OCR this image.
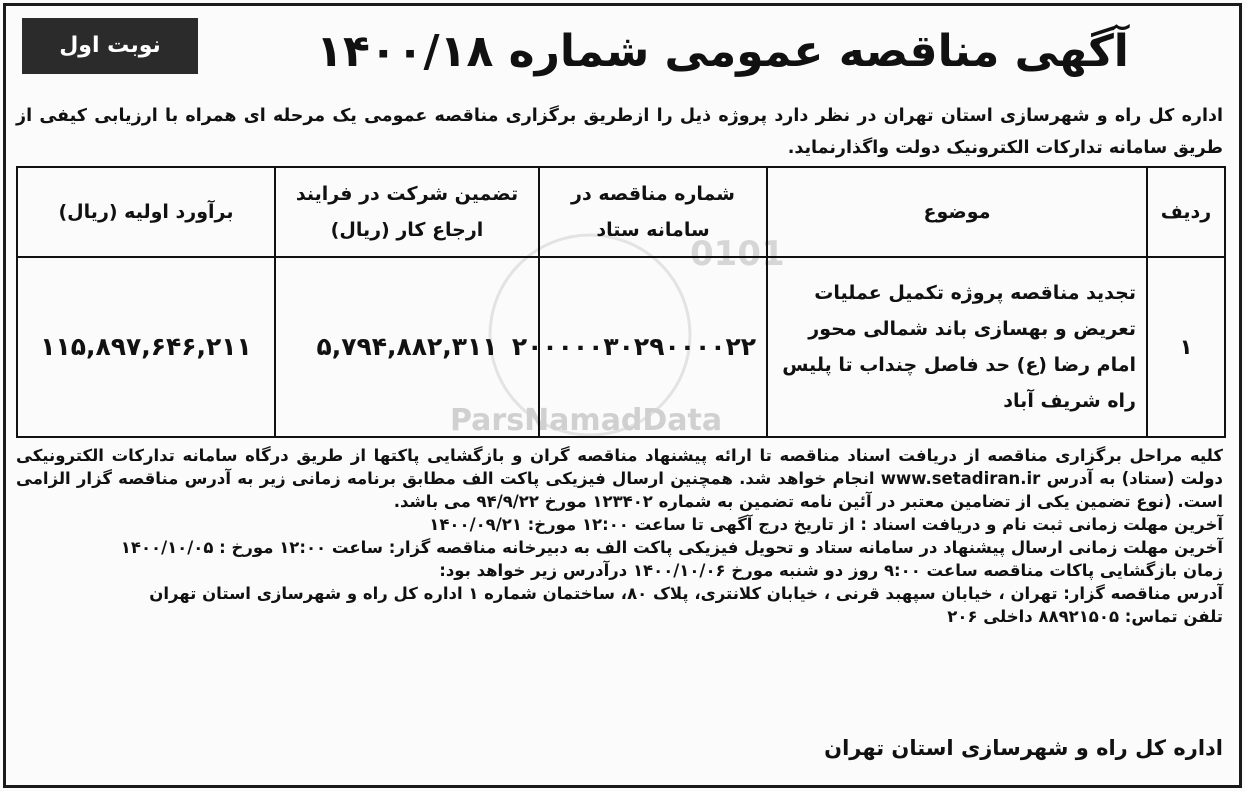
نوبت اول	آگهی مناقصه عمومی شماره ۱۴۰۰/۱۸
اداره کل راه و شهرسازی استان تهران در نظر دارد پروژه ذیل را ازطریق برگزاری مناقصه عمومی یک مرحله ای همراه با ارزیابی کیفی از طریق سامانه تدارکات الکترونیک دولت واگذارنماید.
0101
ParsNamadData
ردیف	موضوع	شماره مناقصه در سامانه ستاد	تضمین شرکت در فرایند ارجاع کار (ریال)	برآورد اولیه (ریال)
۱	تجدید مناقصه پروژه تکمیل عملیات تعریض و بهسازی باند شمالی محور امام رضا (ع) حد فاصل چنداب تا پلیس راه شریف آباد	۲۰۰۰۰۰۳۰۲۹۰۰۰۰۲۲	۵,۷۹۴,۸۸۲,۳۱۱	۱۱۵,۸۹۷,۶۴۶,۲۱۱

کلیه مراحل برگزاری مناقصه از دریافت اسناد مناقصه تا ارائه پیشنهاد مناقصه گران و بازگشایی پاکتها از طریق درگاه سامانه تدارکات الکترونیکی دولت (ستاد) به آدرس www.setadiran.ir انجام خواهد شد. همچنین ارسال فیزیکی پاکت الف مطابق برنامه زمانی زیر به آدرس مناقصه گزار الزامی است. (نوع تضمین یکی از تضامین معتبر در آئین نامه تضمین به شماره ۱۲۳۴۰۲ مورخ ۹۴/۹/۲۲ می باشد.

آخرین مهلت زمانی ثبت نام و دریافت اسناد : از تاریخ درج آگهی تا ساعت ۱۲:۰۰ مورخ: ۱۴۰۰/۰۹/۲۱

آخرین مهلت زمانی ارسال پیشنهاد در سامانه ستاد و تحویل فیزیکی پاکت الف به دبیرخانه مناقصه گزار: ساعت ۱۲:۰۰ مورخ : ۱۴۰۰/۱۰/۰۵

زمان بازگشایی پاکات مناقصه ساعت ۹:۰۰ روز دو شنبه مورخ ۱۴۰۰/۱۰/۰۶ درآدرس زیر خواهد بود:

آدرس مناقصه گزار: تهران ، خیابان سپهبد قرنی ، خیابان کلانتری، پلاک ۸۰، ساختمان شماره ۱ اداره کل راه و شهرسازی استان تهران

تلفن تماس: ۸۸۹۲۱۵۰۵ داخلی ۲۰۶

اداره کل راه و شهرسازی استان تهران
